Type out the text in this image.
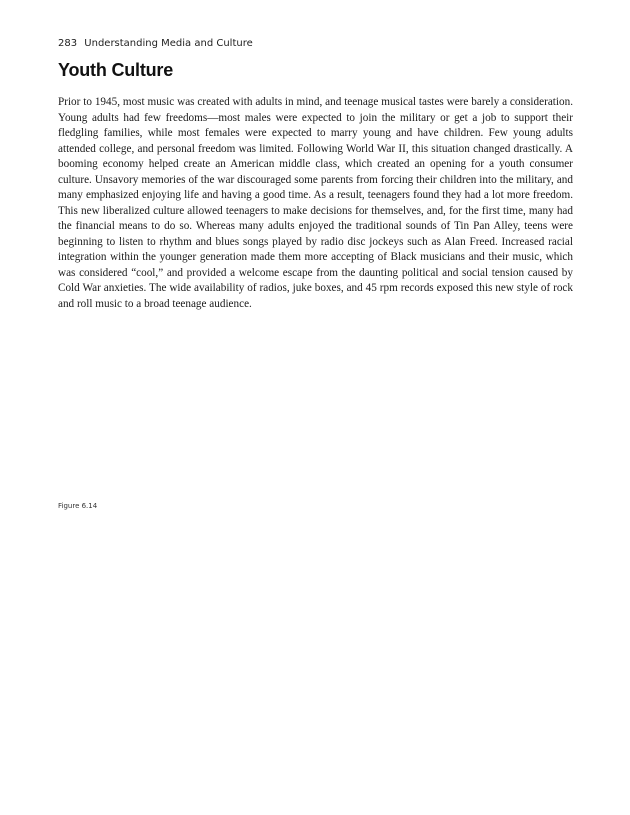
283 Understanding Media and Culture
Youth Culture

Prior to 1945, most music was created with adults in mind, and teenage musical tastes were barely a consideration. Young adults had few freedoms—most males were expected to join the military or get a job to support their fledgling families, while most females were expected to marry young and have children. Few young adults attended college, and personal freedom was limited. Following World War II, this situation changed drastically. A booming economy helped create an American middle class, which created an opening for a youth consumer culture. Unsavory memories of the war discouraged some parents from forcing their children into the military, and many emphasized enjoying life and having a good time. As a result, teenagers found they had a lot more freedom. This new liberalized culture allowed teenagers to make decisions for themselves, and, for the first time, many had the financial means to do so. Whereas many adults enjoyed the traditional sounds of Tin Pan Alley, teens were beginning to listen to rhythm and blues songs played by radio disc jockeys such as Alan Freed. Increased racial integration within the younger generation made them more accepting of Black musicians and their music, which was considered “cool,” and provided a welcome escape from the daunting political and social tension caused by Cold War anxieties. The wide availability of radios, juke boxes, and 45 rpm records exposed this new style of rock and roll music to a broad teenage audience.

Figure 6.14
